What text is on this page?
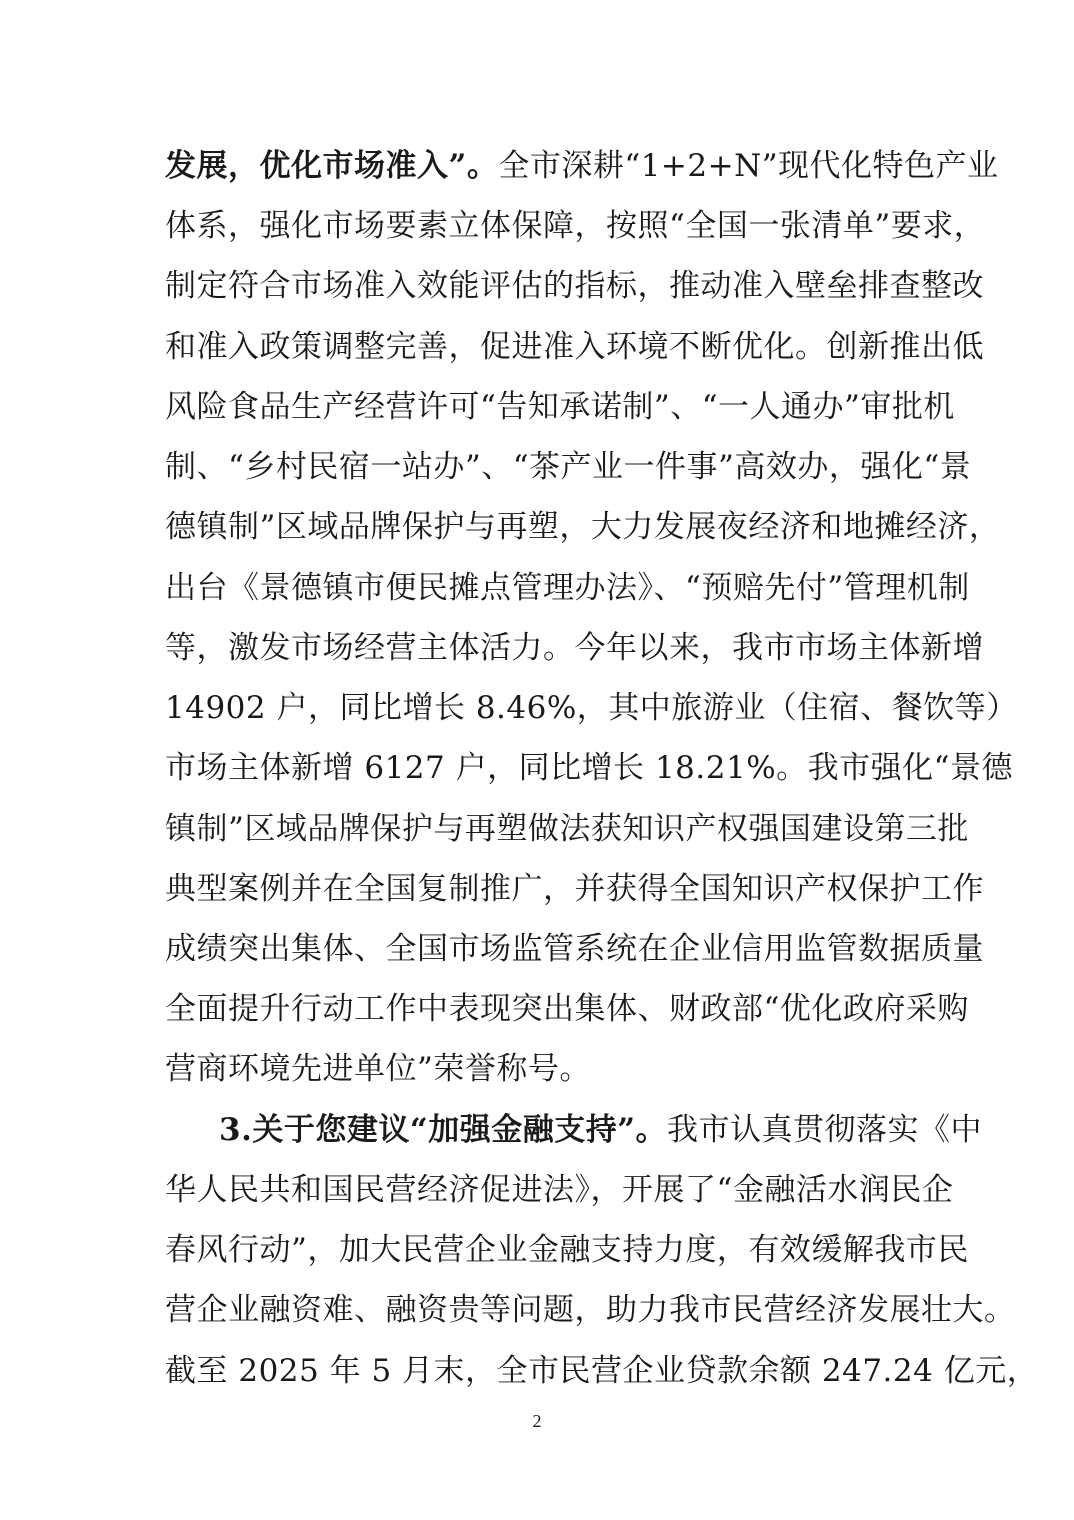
发展，优化市场准入”。全市深耕“1+2+N”现代化特色产业
体系，强化市场要素立体保障，按照“全国一张清单”要求，
制定符合市场准入效能评估的指标，推动准入壁垒排查整改
和准入政策调整完善，促进准入环境不断优化。创新推出低
风险食品生产经营许可“告知承诺制”、“一人通办”审批机
制、“乡村民宿一站办”、“茶产业一件事”高效办，强化“景
德镇制”区域品牌保护与再塑，大力发展夜经济和地摊经济，
出台《景德镇市便民摊点管理办法》、“预赔先付”管理机制
等，激发市场经营主体活力。今年以来，我市市场主体新增
14902 户，同比增长 8.46%，其中旅游业（住宿、餐饮等）
市场主体新增 6127 户，同比增长 18.21%。我市强化“景德
镇制”区域品牌保护与再塑做法获知识产权强国建设第三批
典型案例并在全国复制推广，并获得全国知识产权保护工作
成绩突出集体、全国市场监管系统在企业信用监管数据质量
全面提升行动工作中表现突出集体、财政部“优化政府采购
营商环境先进单位”荣誉称号。
3.关于您建议“加强金融支持”。我市认真贯彻落实《中
华人民共和国民营经济促进法》，开展了“金融活水润民企
春风行动”，加大民营企业金融支持力度，有效缓解我市民
营企业融资难、融资贵等问题，助力我市民营经济发展壮大。
截至 2025 年 5 月末，全市民营企业贷款余额 247.24 亿元，
2
